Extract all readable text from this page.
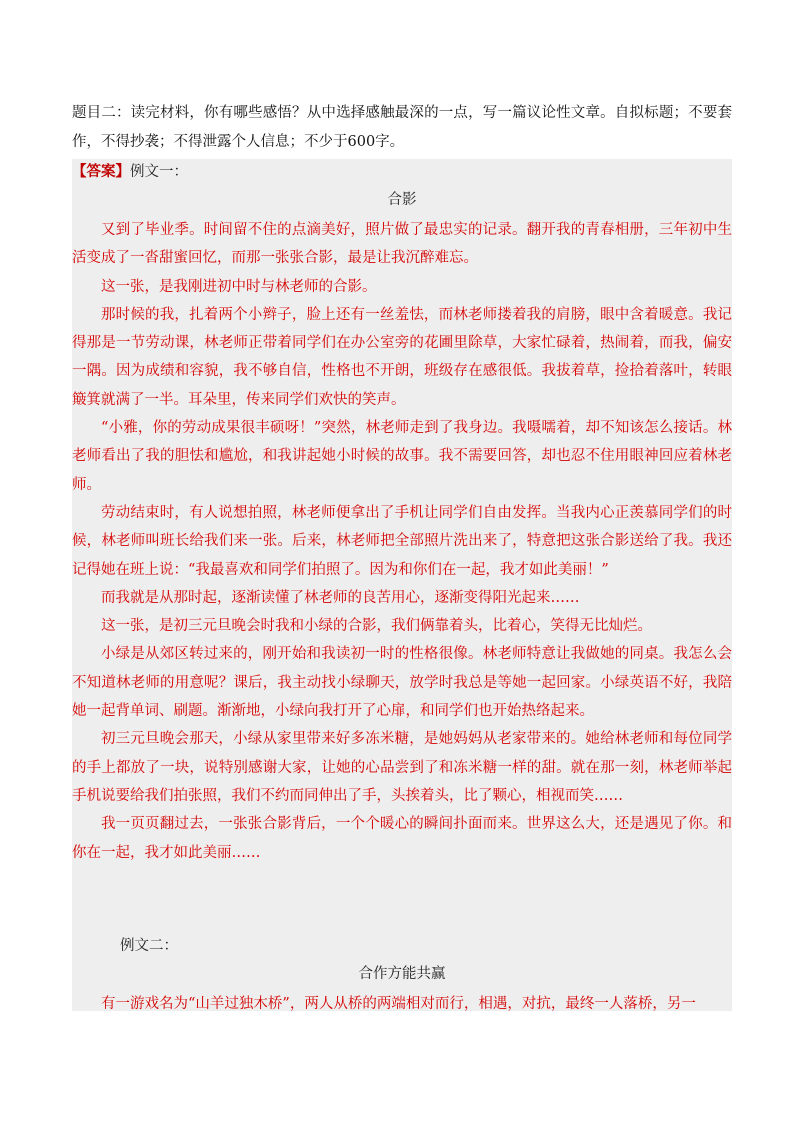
题目二：读完材料，你有哪些感悟？从中选择感触最深的一点，写一篇议论性文章。自拟标题；不要套作，不得抄袭；不得泄露个人信息；不少于600字。
【答案】例文一：
合影

又到了毕业季。时间留不住的点滴美好，照片做了最忠实的记录。翻开我的青春相册，三年初中生活变成了一沓甜蜜回忆，而那一张张合影，最是让我沉醉难忘。

这一张，是我刚进初中时与林老师的合影。

那时候的我，扎着两个小辫子，脸上还有一丝羞怯，而林老师搂着我的肩膀，眼中含着暖意。我记得那是一节劳动课，林老师正带着同学们在办公室旁的花圃里除草，大家忙碌着，热闹着，而我，偏安一隅。因为成绩和容貌，我不够自信，性格也不开朗，班级存在感很低。我拔着草，捡拾着落叶，转眼簸箕就满了一半。耳朵里，传来同学们欢快的笑声。

“小雅，你的劳动成果很丰硕呀！”突然，林老师走到了我身边。我嗫嚅着，却不知该怎么接话。林老师看出了我的胆怯和尴尬，和我讲起她小时候的故事。我不需要回答，却也忍不住用眼神回应着林老师。

劳动结束时，有人说想拍照，林老师便拿出了手机让同学们自由发挥。当我内心正羡慕同学们的时候，林老师叫班长给我们来一张。后来，林老师把全部照片洗出来了，特意把这张合影送给了我。我还记得她在班上说：“我最喜欢和同学们拍照了。因为和你们在一起，我才如此美丽！”

而我就是从那时起，逐渐读懂了林老师的良苦用心，逐渐变得阳光起来……

这一张，是初三元旦晚会时我和小绿的合影，我们俩靠着头，比着心，笑得无比灿烂。

小绿是从郊区转过来的，刚开始和我读初一时的性格很像。林老师特意让我做她的同桌。我怎么会不知道林老师的用意呢？课后，我主动找小绿聊天，放学时我总是等她一起回家。小绿英语不好，我陪她一起背单词、刷题。渐渐地，小绿向我打开了心扉，和同学们也开始热络起来。

初三元旦晚会那天，小绿从家里带来好多冻米糖，是她妈妈从老家带来的。她给林老师和每位同学的手上都放了一块，说特别感谢大家，让她的心品尝到了和冻米糖一样的甜。就在那一刻，林老师举起手机说要给我们拍张照，我们不约而同伸出了手，头挨着头，比了颗心，相视而笑……

我一页页翻过去，一张张合影背后，一个个暖心的瞬间扑面而来。世界这么大，还是遇见了你。和你在一起，我才如此美丽……

例文二：
合作方能共赢

有一游戏名为“山羊过独木桥”，两人从桥的两端相对而行，相遇，对抗，最终一人落桥，另一
